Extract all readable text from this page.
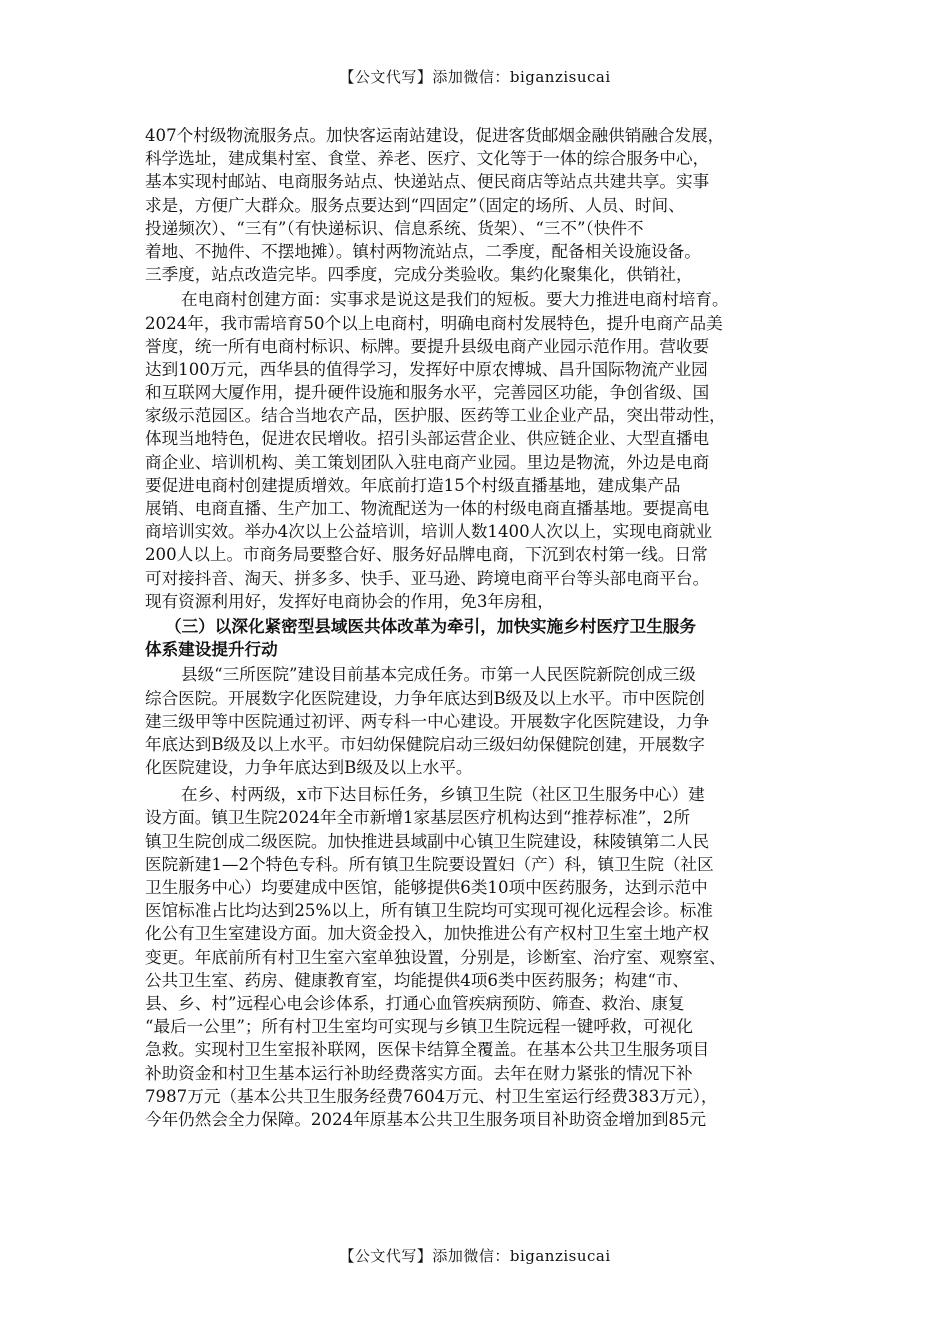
【公文代写】添加微信：biganzisucai
407个村级物流服务点。加快客运南站建设，促进客货邮烟金融供销融合发展，
科学选址，建成集村室、食堂、养老、医疗、文化等于一体的综合服务中心，
基本实现村邮站、电商服务站点、快递站点、便民商店等站点共建共享。实事
求是，方便广大群众。服务点要达到“四固定”（固定的场所、人员、时间、
投递频次）、“三有”（有快递标识、信息系统、货架）、“三不”（快件不
着地、不抛件、不摆地摊）。镇村两物流站点，二季度，配备相关设施设备。
三季度，站点改造完毕。四季度，完成分类验收。集约化聚集化，供销社，
在电商村创建方面：实事求是说这是我们的短板。要大力推进电商村培育。
2024年，我市需培育50个以上电商村，明确电商村发展特色，提升电商产品美
誉度，统一所有电商村标识、标牌。要提升县级电商产业园示范作用。营收要
达到100万元，西华县的值得学习，发挥好中原农博城、昌升国际物流产业园
和互联网大厦作用，提升硬件设施和服务水平，完善园区功能，争创省级、国
家级示范园区。结合当地农产品，医护服、医药等工业企业产品，突出带动性，
体现当地特色，促进农民增收。招引头部运营企业、供应链企业、大型直播电
商企业、培训机构、美工策划团队入驻电商产业园。里边是物流，外边是电商
要促进电商村创建提质增效。年底前打造15个村级直播基地，建成集产品
展销、电商直播、生产加工、物流配送为一体的村级电商直播基地。要提高电
商培训实效。举办4次以上公益培训，培训人数1400人次以上，实现电商就业
200人以上。市商务局要整合好、服务好品牌电商，下沉到农村第一线。日常
可对接抖音、淘天、拼多多、快手、亚马逊、跨境电商平台等头部电商平台。
现有资源利用好，发挥好电商协会的作用，免3年房租，
（三）以深化紧密型县域医共体改革为牵引，加快实施乡村医疗卫生服务
体系建设提升行动
县级“三所医院”建设目前基本完成任务。市第一人民医院新院创成三级
综合医院。开展数字化医院建设，力争年底达到B级及以上水平。市中医院创
建三级甲等中医院通过初评、两专科一中心建设。开展数字化医院建设，力争
年底达到B级及以上水平。市妇幼保健院启动三级妇幼保健院创建，开展数字
化医院建设，力争年底达到B级及以上水平。
在乡、村两级，x市下达目标任务，乡镇卫生院（社区卫生服务中心）建
设方面。镇卫生院2024年全市新增1家基层医疗机构达到“推荐标准”，2所
镇卫生院创成二级医院。加快推进县域副中心镇卫生院建设，秣陵镇第二人民
医院新建1—2个特色专科。所有镇卫生院要设置妇（产）科，镇卫生院（社区
卫生服务中心）均要建成中医馆，能够提供6类10项中医药服务，达到示范中
医馆标准占比均达到25%以上，所有镇卫生院均可实现可视化远程会诊。标准
化公有卫生室建设方面。加大资金投入，加快推进公有产权村卫生室土地产权
变更。年底前所有村卫生室六室单独设置，分别是，诊断室、治疗室、观察室、
公共卫生室、药房、健康教育室，均能提供4项6类中医药服务；构建“市、
县、乡、村”远程心电会诊体系，打通心血管疾病预防、筛查、救治、康复
“最后一公里”；所有村卫生室均可实现与乡镇卫生院远程一键呼救，可视化
急救。实现村卫生室报补联网，医保卡结算全覆盖。在基本公共卫生服务项目
补助资金和村卫生基本运行补助经费落实方面。去年在财力紧张的情况下补
7987万元（基本公共卫生服务经费7604万元、村卫生室运行经费383万元），
今年仍然会全力保障。2024年原基本公共卫生服务项目补助资金增加到85元
【公文代写】添加微信：biganzisucai
